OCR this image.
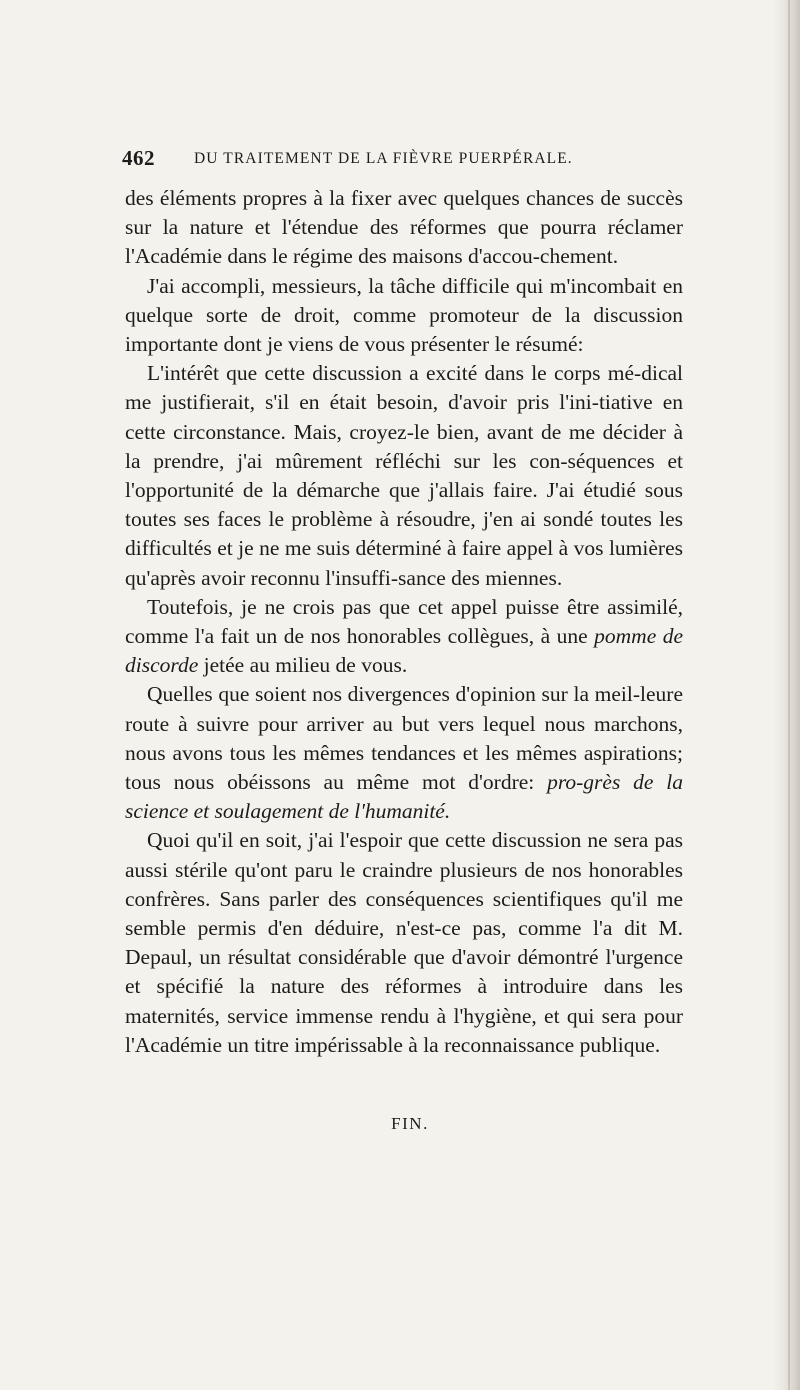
462	DU TRAITEMENT DE LA FIÈVRE PUERPÉRALE.

des éléments propres à la fixer avec quelques chances de succès sur la nature et l'étendue des réformes que pourra réclamer l'Académie dans le régime des maisons d'accou-chement.

J'ai accompli, messieurs, la tâche difficile qui m'incombait en quelque sorte de droit, comme promoteur de la discussion importante dont je viens de vous présenter le résumé:

L'intérêt que cette discussion a excité dans le corps mé-dical me justifierait, s'il en était besoin, d'avoir pris l'ini-tiative en cette circonstance. Mais, croyez-le bien, avant de me décider à la prendre, j'ai mûrement réfléchi sur les con-séquences et l'opportunité de la démarche que j'allais faire. J'ai étudié sous toutes ses faces le problème à résoudre, j'en ai sondé toutes les difficultés et je ne me suis déterminé à faire appel à vos lumières qu'après avoir reconnu l'insuffi-sance des miennes.

Toutefois, je ne crois pas que cet appel puisse être assimilé, comme l'a fait un de nos honorables collègues, à une pomme de discorde jetée au milieu de vous.

Quelles que soient nos divergences d'opinion sur la meil-leure route à suivre pour arriver au but vers lequel nous marchons, nous avons tous les mêmes tendances et les mêmes aspirations; tous nous obéissons au même mot d'ordre: pro-grès de la science et soulagement de l'humanité.

Quoi qu'il en soit, j'ai l'espoir que cette discussion ne sera pas aussi stérile qu'ont paru le craindre plusieurs de nos honorables confrères. Sans parler des conséquences scientifiques qu'il me semble permis d'en déduire, n'est-ce pas, comme l'a dit M. Depaul, un résultat considérable que d'avoir démontré l'urgence et spécifié la nature des réformes à introduire dans les maternités, service immense rendu à l'hygiène, et qui sera pour l'Académie un titre impérissable à la reconnaissance publique.

FIN.
